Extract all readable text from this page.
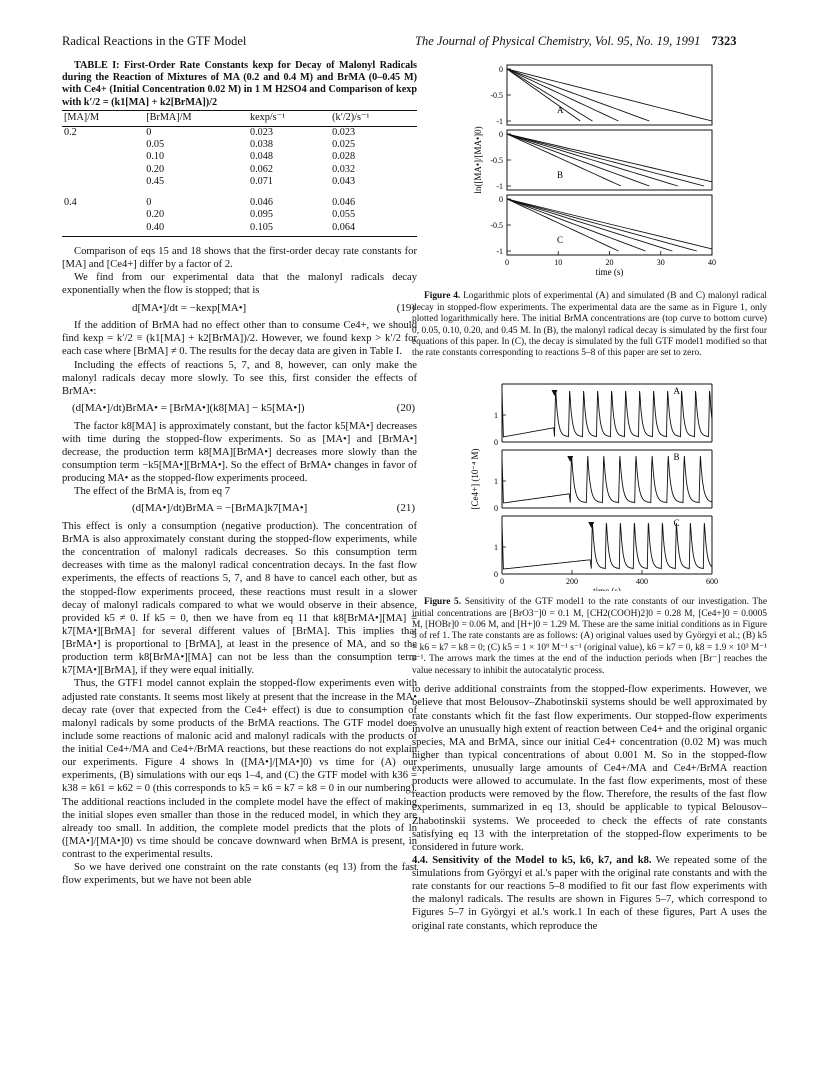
Radical Reactions in the GTF Model	The Journal of Physical Chemistry, Vol. 95, No. 19, 1991 7323

TABLE I: First-Order Rate Constants kexp for Decay of Malonyl Radicals during the Reaction of Mixtures of MA (0.2 and 0.4 M) and BrMA (0–0.45 M) with Ce4+ (Initial Concentration 0.02 M) in 1 M H2SO4 and Comparison of kexp with k′/2 = (k1[MA] + k2[BrMA])/2

[MA]/M	[BrMA]/M	kexp/s⁻¹	(k′/2)/s⁻¹
0.2	0	0.023	0.023
	0.05	0.038	0.025
	0.10	0.048	0.028
	0.20	0.062	0.032
	0.45	0.071	0.043
0.4	0	0.046	0.046
	0.20	0.095	0.055
	0.40	0.105	0.064

Comparison of eqs 15 and 18 shows that the first-order decay rate constants for [MA] and [Ce4+] differ by a factor of 2.

We find from our experimental data that the malonyl radicals decay exponentially when the flow is stopped; that is

d[MA•]/dt = −kexp[MA•]	(19)

If the addition of BrMA had no effect other than to consume Ce4+, we should find kexp = k′/2 ≡ (k1[MA] + k2[BrMA])/2. However, we found kexp > k′/2 for each case where [BrMA] ≠ 0. The results for the decay data are given in Table I.

Including the effects of reactions 5, 7, and 8, however, can only make the malonyl radicals decay more slowly. To see this, first consider the effects of BrMA•:

(d[MA•]/dt)BrMA• = [BrMA•](k8[MA] − k5[MA•])	(20)

The factor k8[MA] is approximately constant, but the factor k5[MA•] decreases with time during the stopped-flow experiments. So as [MA•] and [BrMA•] decrease, the production term k8[MA][BrMA•] decreases more slowly than the consumption term −k5[MA•][BrMA•]. So the effect of BrMA• changes in favor of producing MA• as the stopped-flow experiments proceed.

The effect of the BrMA is, from eq 7

(d[MA•]/dt)BrMA = −[BrMA]k7[MA•]	(21)

This effect is only a consumption (negative production). The concentration of BrMA is also approximately constant during the stopped-flow experiments, while the concentration of malonyl radicals decreases. So this consumption term decreases with time as the malonyl radical concentration decays. In the fast flow experiments, the effects of reactions 5, 7, and 8 have to cancel each other, but as the stopped-flow experiments proceed, these reactions must result in a slower decay of malonyl radicals compared to what we would observe in their absence, provided k5 ≠ 0. If k5 = 0, then we have from eq 11 that k8[BrMA•][MA] = k7[MA•][BrMA] for several different values of [BrMA]. This implies that [BrMA•] is proportional to [BrMA], at least in the presence of MA, and so the production term k8[BrMA•][MA] can not be less than the consumption term k7[MA•][BrMA], if they were equal initially.

Thus, the GTF1 model cannot explain the stopped-flow experiments even with adjusted rate constants. It seems most likely at present that the increase in the MA• decay rate (over that expected from the Ce4+ effect) is due to consumption of malonyl radicals by some products of the BrMA reactions. The GTF model does include some reactions of malonic acid and malonyl radicals with the products of the initial Ce4+/MA and Ce4+/BrMA reactions, but these reactions do not explain our experiments. Figure 4 shows ln ([MA•]/[MA•]0) vs time for (A) our experiments, (B) simulations with our eqs 1–4, and (C) the GTF model with k36 = k38 = k61 = k62 = 0 (this corresponds to k5 = k6 = k7 = k8 = 0 in our numbering). The additional reactions included in the complete model have the effect of making the initial slopes even smaller than those in the reduced model, in which they are already too small. In addition, the complete model predicts that the plots of ln ([MA•]/[MA•]0) vs time should be concave downward when BrMA is present, in contrast to the experimental results.

So we have derived one constraint on the rate constants (eq 13) from the fast flow experiments, but we have not been able

0
-0.5
-1
A
0
-0.5
-1
B
0
-0.5
-1
C
0	10	20	30	40
time (s)
ln([MA•]/[MA•]0)

Figure 4. Logarithmic plots of experimental (A) and simulated (B and C) malonyl radical decay in stopped-flow experiments. The experimental data are the same as in Figure 1, only plotted logarithmically here. The initial BrMA concentrations are (top curve to bottom curve) 0, 0.05, 0.10, 0.20, and 0.45 M. In (B), the malonyl radical decay is simulated by the first four equations of this paper. In (C), the decay is simulated by the full GTF model1 modified so that the rate constants corresponding to reactions 5–8 of this paper are set to zero.

0
1
A
0
1
B
0
1
C
0	200	400	600
time (s)
[Ce4+] (10⁻⁴ M)

Figure 5. Sensitivity of the GTF model1 to the rate constants of our investigation. The initial concentrations are [BrO3⁻]0 = 0.1 M, [CH2(COOH)2]0 = 0.28 M, [Ce4+]0 = 0.0005 M, [HOBr]0 = 0.06 M, and [H+]0 = 1.29 M. These are the same initial conditions as in Figure 5 of ref 1. The rate constants are as follows: (A) original values used by Györgyi et al.; (B) k5 = k6 = k7 = k8 = 0; (C) k5 = 1 × 10⁹ M⁻¹ s⁻¹ (original value), k6 = k7 = 0, k8 = 1.9 × 10³ M⁻¹ s⁻¹. The arrows mark the times at the end of the induction periods when [Br⁻] reaches the value necessary to inhibit the autocatalytic process.

to derive additional constraints from the stopped-flow experiments. However, we believe that most Belousov–Zhabotinskii systems should be well approximated by rate constants which fit the fast flow experiments. Our stopped-flow experiments involve an unusually high extent of reaction between Ce4+ and the original organic species, MA and BrMA, since our initial Ce4+ concentration (0.02 M) was much higher than typical concentrations of about 0.001 M. So in the stopped-flow experiments, unusually large amounts of Ce4+/MA and Ce4+/BrMA reaction products were allowed to accumulate. In the fast flow experiments, most of these reaction products were removed by the flow. Therefore, the results of the fast flow experiments, summarized in eq 13, should be applicable to typical Belousov–Zhabotinskii systems. We proceeded to check the effects of rate constants satisfying eq 13 with the interpretation of the stopped-flow experiments to be considered in future work.

4.4. Sensitivity of the Model to k5, k6, k7, and k8. We repeated some of the simulations from Györgyi et al.'s paper with the original rate constants and with the rate constants for our reactions 5–8 modified to fit our fast flow experiments with the malonyl radicals. The results are shown in Figures 5–7, which correspond to Figures 5–7 in Györgyi et al.'s work.1 In each of these figures, Part A uses the original rate constants, which reproduce the
